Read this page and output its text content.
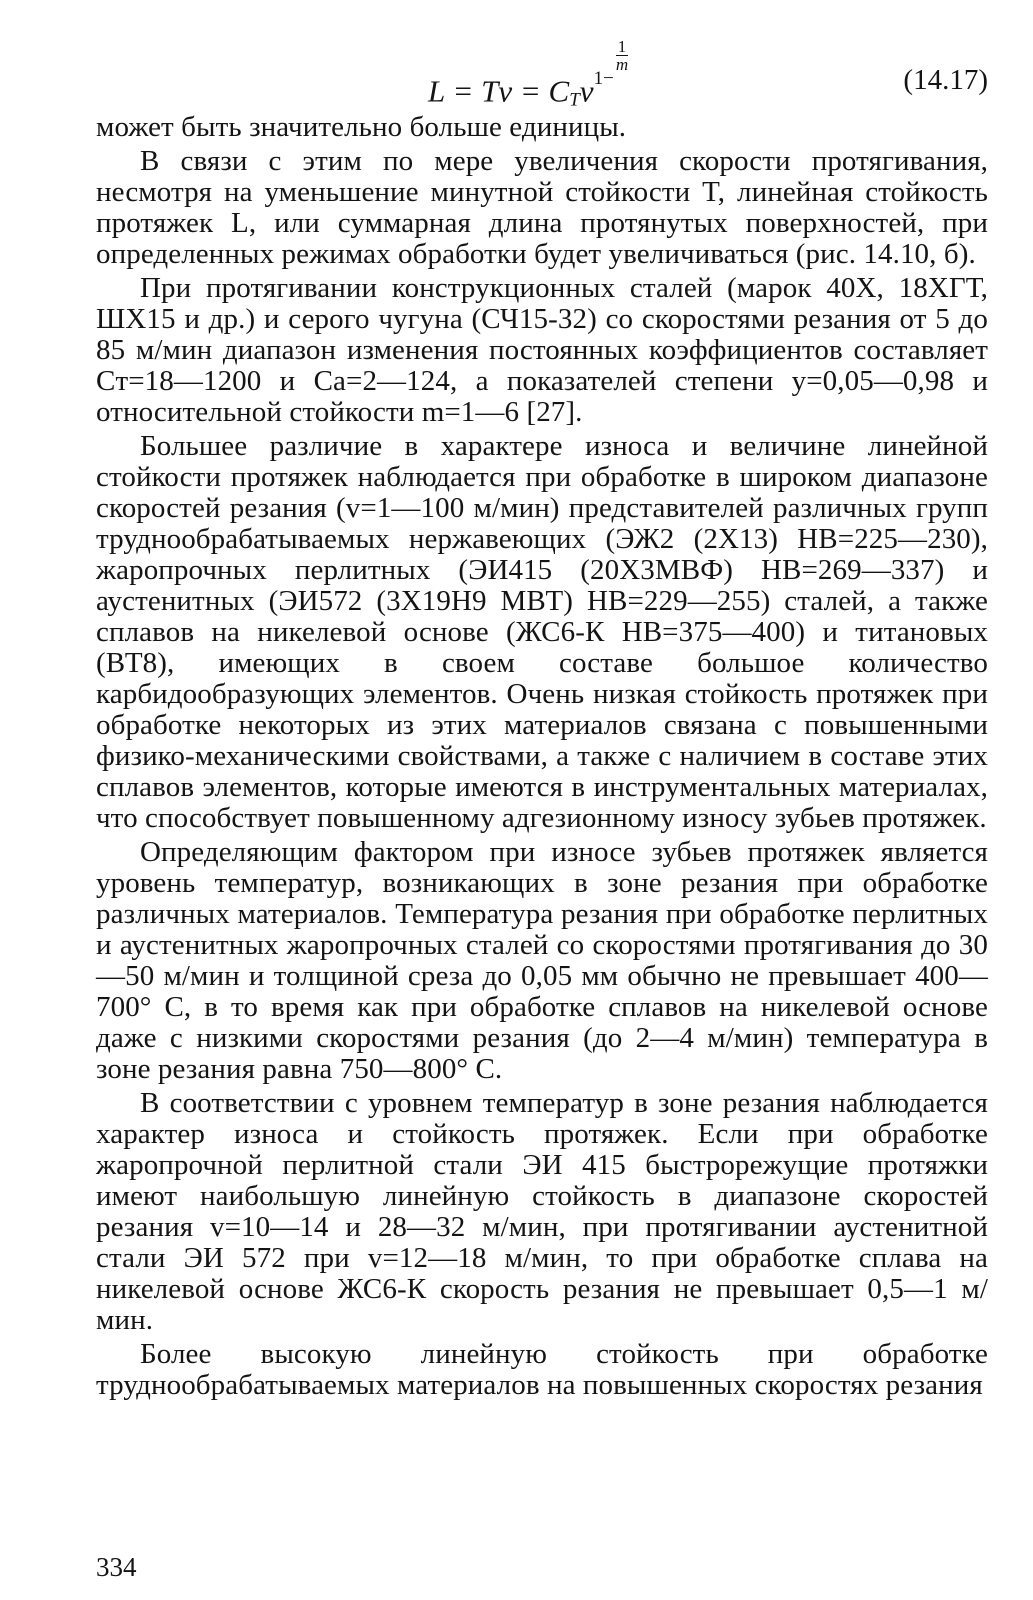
$L = Tv = C_Tv^{1- \frac{1}{m}}$
(14.17)

может быть значительно больше единицы.

В связи с этим по мере увеличения скорости протягивания, несмотря на уменьшение минутной стойкости T, линейная стойкость протяжек L, или суммарная длина протянутых поверхностей, при определенных режимах обработки будет увеличиваться (рис. 14.10, б).

При протягивании конструкционных сталей (марок 40Х, 18ХГТ, ШХ15 и др.) и серого чугуна (СЧ15-32) со скоростями резания от 5 до 85 м/мин диапазон изменения постоянных коэффициентов составляет Cт=18—1200 и Ca=2—124, а показателей степени y=0,05—0,98 и относительной стойкости m=1—6 [27].

Большее различие в характере износа и величине линейной стойкости протяжек наблюдается при обработке в широком диапазоне скоростей резания (v=1—100 м/мин) представителей различных групп труднообрабатываемых нержавеющих (ЭЖ2 (2Х13) НВ=225—230), жаропрочных перлитных (ЭИ415 (20Х3МВФ) НВ=269—337) и аустенитных (ЭИ572 (3Х19Н9 МВТ) НВ=229—255) сталей, а также сплавов на никелевой основе (ЖС6-К НВ=375—400) и титановых (ВТ8), имеющих в своем составе большое количество карбидообразующих элементов. Очень низкая стойкость протяжек при обработке некоторых из этих материалов связана с повышенными физико-механическими свойствами, а также с наличием в составе этих сплавов элементов, которые имеются в инструментальных материалах, что способствует повышенному адгезионному износу зубьев протяжек.

Определяющим фактором при износе зубьев протяжек является уровень температур, возникающих в зоне резания при обработке различных материалов. Температура резания при обработке перлитных и аустенитных жаропрочных сталей со скоростями протягивания до 30—50 м/мин и толщиной среза до 0,05 мм обычно не превышает 400—700° С, в то время как при обработке сплавов на никелевой основе даже с низкими скоростями резания (до 2—4 м/мин) температура в зоне резания равна 750—800° С.

В соответствии с уровнем температур в зоне резания наблюдается характер износа и стойкость протяжек. Если при обработке жаропрочной перлитной стали ЭИ 415 быстрорежущие протяжки имеют наибольшую линейную стойкость в диапазоне скоростей резания v=10—14 и 28—32 м/мин, при протягивании аустенитной стали ЭИ 572 при v=12—18 м/мин, то при обработке сплава на никелевой основе ЖС6-К скорость резания не превышает 0,5—1 м/мин.

Более высокую линейную стойкость при обработке труднообрабатываемых материалов на повышенных скоростях резания

334
